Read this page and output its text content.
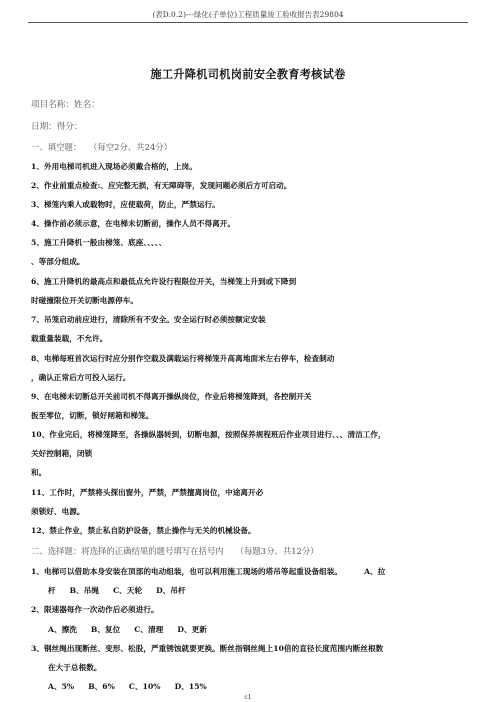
(表D.0.2)---绿化(子单位)工程质量竣工验收报告表29804
施工升降机司机岗前安全教育考核试卷
项目名称：姓名：
日期：得分：
一、填空题： （每空2分、共24分）
1、外用电梯司机进入现场必须戴合格的，上岗。
2、作业前重点检查:、应完整无损，有无障碍等，发现问题必须后方可启动。
3、梯笼内乘人或载物时，应使载荷，防止，严禁运行。
4、操作前必须示意，在电梯未切断前，操作人员不得离开。
5、施工升降机一般由梯笼、底座、、、、、
、等部分组成。
6、施工升降机的最高点和最低点允许设行程限位开关，当梯笼上升到或下降到
时碰撞限位开关切断电源停车。
7、吊笼启动前应进行，清除所有不安全。安全运行时必须按额定安装
载重量装载，不允许。
8、电梯每班首次运行时应分别作空载及满载运行将梯笼升高离地面米左右停车，检查制动
，确认正常后方可投入运行。
9、在电梯未切断总开关前司机不得离开操纵岗位，作业后将梯笼降到，各控制开关
扳至零位，切断，锁好闸箱和梯笼。
10、作业完后，将梯笼降至，各操纵器转到，切断电源，按照保养规程班后作业项目进行、、、清洁工作，
关好控制箱，闭锁
和。
11、工作时，严禁将头探出窗外，严禁，严禁擅离岗位，中途离开必
须锁好、电源。
12、禁止作业，禁止私自防护设备，禁止操作与无关的机械设备。
二、选择题：将选择的正确结果的题号填写在括号内 （每题3分、共12分）
1、电梯可以借助本身安装在顶部的电动组装，也可以利用施工现场的塔吊等起重设备组装。	A、拉
杆 B、吊绳 C、天轮 D、吊杆
2、限速器每作一次动作后必须进行。
A、擦洗 B、复位 C、清理 D、更新
3、钢丝绳出现断丝、变形、松股，严重锈蚀就要更换。断丝指钢丝绳上10倍的直径长度范围内断丝根数
在大于总根数。
A、5% B、6% C、10% D、15%
c1
